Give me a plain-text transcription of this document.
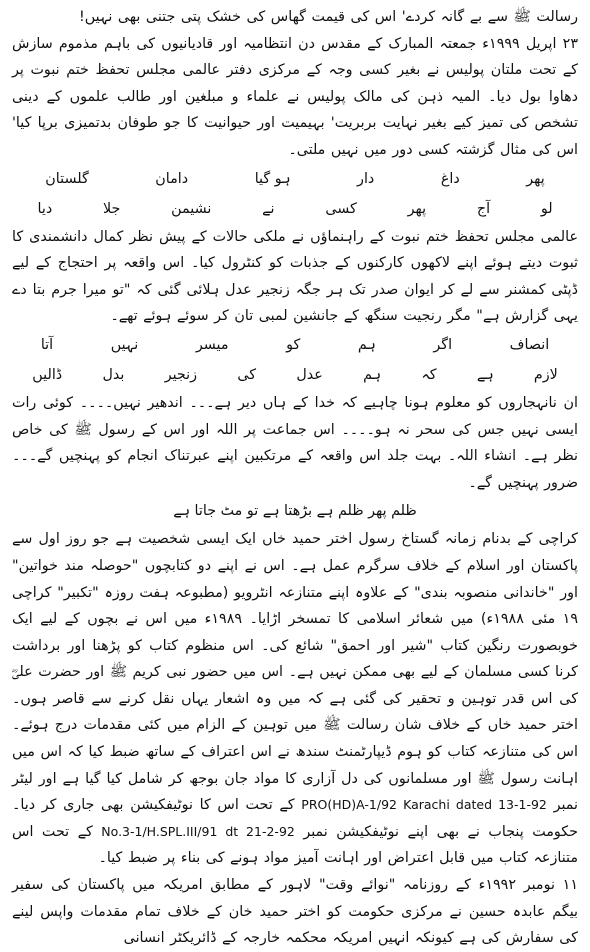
رسالت ﷺ سے بے گانہ کردے' اس کی قیمت گھاس کی خشک پتی جتنی بھی نہیں!

۲۳ اپریل ۱۹۹۹ء جمعتہ المبارک کے مقدس دن انتظامیہ اور قادیانیوں کی باہم مذموم سازش کے تحت ملتان پولیس نے بغیر کسی وجہ کے مرکزی دفتر عالمی مجلس تحفظ ختم نبوت پر دھاوا بول دیا۔ المیہ ذہن کی مالک پولیس نے علماء و مبلغین اور طالب علموں کے دینی تشخص کی تمیز کیے بغیر نہایت بربریت' بہیمیت اور حیوانیت کا جو طوفان بدتمیزی برپا کیا' اس کی مثال گزشتہ کسی دور میں نہیں ملتی۔

پھر
داغ
دار
ہو گیا
دامان
گلستان
لو
آج
پھر
کسی
نے
نشیمن
جلا
دیا

عالمی مجلس تحفظ ختم نبوت کے راہنماؤں نے ملکی حالات کے پیش نظر کمال دانشمندی کا ثبوت دیتے ہوئے اپنے لاکھوں کارکنوں کے جذبات کو کنٹرول کیا۔ اس واقعہ پر احتجاج کے لیے ڈپٹی کمشنر سے لے کر ایوان صدر تک ہر جگہ زنجیر عدل ہلائی گئی کہ "تو میرا جرم بتا دے یہی گزارش ہے" مگر رنجیت سنگھ کے جانشین لمبی تان کر سوئے ہوئے تھے۔

انصاف
اگر
ہم
کو
میسر
نہیں
آتا
لازم
ہے
کہ
ہم
عدل
کی
زنجیر
بدل
ڈالیں

ان نانہجاروں کو معلوم ہونا چاہیے کہ خدا کے ہاں دیر ہے۔۔۔ اندھیر نہیں۔۔۔۔ کوئی رات ایسی نہیں جس کی سحر نہ ہو۔۔۔۔ اس جماعت پر اللہ اور اس کے رسول ﷺ کی خاص نظر ہے۔ انشاء اللہ۔ بہت جلد اس واقعہ کے مرتکبین اپنے عبرتناک انجام کو پہنچیں گے۔۔۔ ضرور پہنچیں گے۔

ظلم پھر ظلم ہے بڑھتا ہے تو مٹ جاتا ہے

کراچی کے بدنام زمانہ گستاخ رسول اختر حمید خاں ایک ایسی شخصیت ہے جو روز اول سے پاکستان اور اسلام کے خلاف سرگرم عمل ہے۔ اس نے اپنے دو کتابچوں "حوصلہ مند خواتین" اور "خاندانی منصوبہ بندی" کے علاوہ اپنے متنازعہ انٹرویو (مطبوعہ ہفت روزہ "تکبیر" کراچی ۱۹ مئی ۱۹۸۸ء) میں شعائر اسلامی کا تمسخر اڑایا۔ ۱۹۸۹ء میں اس نے بچوں کے لیے ایک خوبصورت رنگین کتاب "شیر اور احمق" شائع کی۔ اس منظوم کتاب کو پڑھنا اور برداشت کرنا کسی مسلمان کے لیے بھی ممکن نہیں ہے۔ اس میں حضور نبی کریم ﷺ اور حضرت علیؓ کی اس قدر توہین و تحقیر کی گئی ہے کہ میں وہ اشعار یہاں نقل کرنے سے قاصر ہوں۔ اختر حمید خاں کے خلاف شان رسالت ﷺ میں توہین کے الزام میں کئی مقدمات درج ہوئے۔ اس کی متنازعہ کتاب کو ہوم ڈیپارٹمنٹ سندھ نے اس اعتراف کے ساتھ ضبط کیا کہ اس میں اہانت رسول ﷺ اور مسلمانوں کی دل آزاری کا مواد جان بوجھ کر شامل کیا گیا ہے اور لیٹر نمبر PRO(HD)A-1/92 Karachi dated 13-1-92 کے تحت اس کا نوٹیفکیشن بھی جاری کر دیا۔ حکومت پنجاب نے بھی اپنے نوٹیفکیشن نمبر No.3-1/H.SPL.III/91 dt 21-2-92 کے تحت اس متنازعہ کتاب میں قابل اعتراض اور اہانت آمیز مواد ہونے کی بناء پر ضبط کیا۔

۱۱ نومبر ۱۹۹۲ء کے روزنامہ "نوائے وقت" لاہور کے مطابق امریکہ میں پاکستان کی سفیر بیگم عابدہ حسین نے مرکزی حکومت کو اختر حمید خان کے خلاف تمام مقدمات واپس لینے کی سفارش کی ہے کیونکہ انہیں امریکہ محکمہ خارجہ کے ڈائریکٹر انسانی
